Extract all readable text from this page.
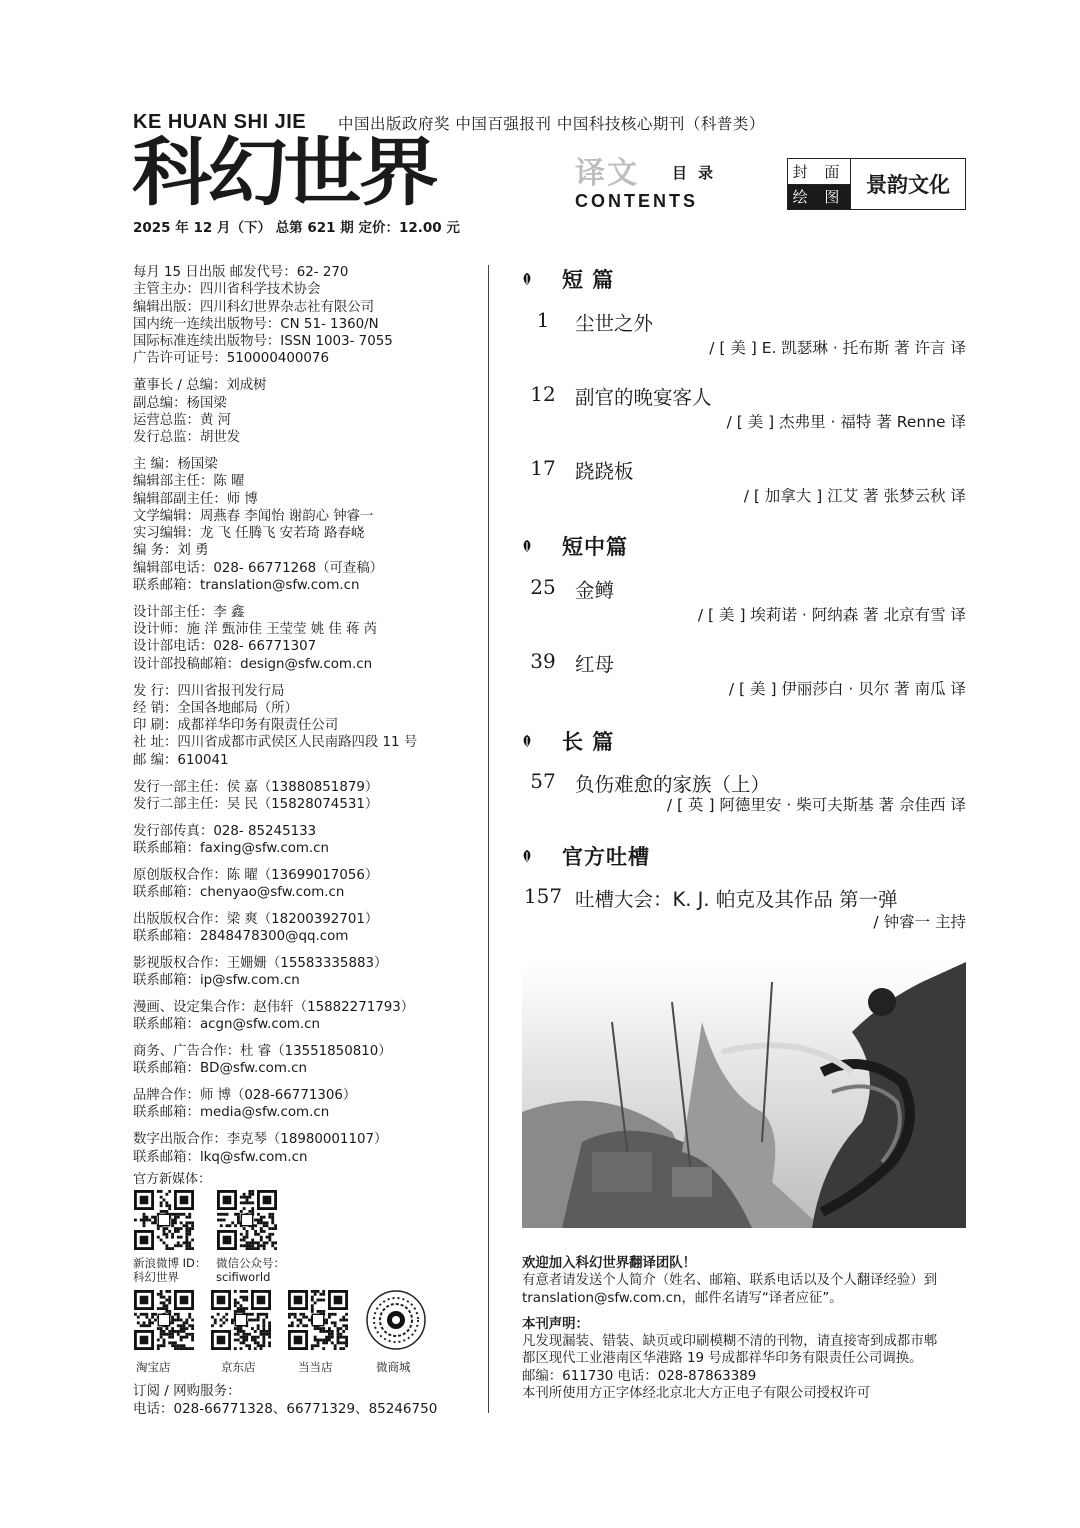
KE HUAN SHI JIE 中国出版政府奖 中国百强报刊 中国科技核心期刊（科普类）
科幻世界
2025 年 12 月（下） 总第 621 期 定价：12.00 元
译文 目 录
CONTENTS
封 面
绘 图
景韵文化
每月 15 日出版 邮发代号：62- 270
主管主办：四川省科学技术协会
编辑出版：四川科幻世界杂志社有限公司
国内统一连续出版物号：CN 51- 1360/N
国际标准连续出版物号：ISSN 1003- 7055
广告许可证号：510000400076
董事长 / 总编：刘成树
副总编：杨国梁
运营总监：黄 河
发行总监：胡世发
主 编：杨国梁
编辑部主任：陈 曜
编辑部副主任：师 博
文学编辑：周燕春 李闻怡 谢韵心 钟睿一
实习编辑：龙 飞 任腾飞 安若琦 路春峣
编 务：刘 勇
编辑部电话：028- 66771268（可查稿）
联系邮箱：translation@sfw.com.cn
设计部主任：李 鑫
设计师：施 洋 甄沛佳 王莹莹 姚 佳 蒋 芮
设计部电话：028- 66771307
设计部投稿邮箱：design@sfw.com.cn
发 行：四川省报刊发行局
经 销：全国各地邮局（所）
印 刷：成都祥华印务有限责任公司
社 址：四川省成都市武侯区人民南路四段 11 号
邮 编：610041
发行一部主任：侯 嘉（13880851879）
发行二部主任：吴 民（15828074531）
发行部传真：028- 85245133
联系邮箱：faxing@sfw.com.cn
原创版权合作：陈 曜（13699017056）
联系邮箱：chenyao@sfw.com.cn
出版版权合作：梁 爽（18200392701）
联系邮箱：2848478300@qq.com
影视版权合作：王姗姗（15583335883）
联系邮箱：ip@sfw.com.cn
漫画、设定集合作：赵伟轩（15882271793）
联系邮箱：acgn@sfw.com.cn
商务、广告合作：杜 睿（13551850810）
联系邮箱：BD@sfw.com.cn
品牌合作：师 博（028-66771306）
联系邮箱：media@sfw.com.cn
数字出版合作：李克琴（18980001107）
联系邮箱：lkq@sfw.com.cn
官方新媒体：
新浪微博 ID：
科幻世界
微信公众号：
scifiworld
淘宝店	京东店	当当店	微商城
订阅 / 网购服务：
电话：028-66771328、66771329、85246750
短 篇
1	尘世之外
/ [ 美 ] E. 凯瑟琳 · 托布斯 著 许言 译
12 副官的晚宴客人
/ [ 美 ] 杰弗里 · 福特 著 Renne 译
17 跷跷板
/ [ 加拿大 ] 江艾 著 张梦云秋 译
短中篇
25 金鳟
/ [ 美 ] 埃莉诺 · 阿纳森 著 北京有雪 译
39 红母
/ [ 美 ] 伊丽莎白 · 贝尔 著 南瓜 译
长 篇
57 负伤难愈的家族（上）
/ [ 英 ] 阿德里安 · 柴可夫斯基 著 佘佳西 译
官方吐槽
157 吐槽大会：K. J. 帕克及其作品 第一弹
/ 钟睿一 主持
欢迎加入科幻世界翻译团队！
有意者请发送个人简介（姓名、邮箱、联系电话以及个人翻译经验）到
translation@sfw.com.cn，邮件名请写“译者应征”。
本刊声明：
凡发现漏装、错装、缺页或印刷模糊不清的刊物，请直接寄到成都市郫
都区现代工业港南区华港路 19 号成都祥华印务有限责任公司调换。
邮编：611730 电话：028-87863389
本刊所使用方正字体经北京北大方正电子有限公司授权许可
